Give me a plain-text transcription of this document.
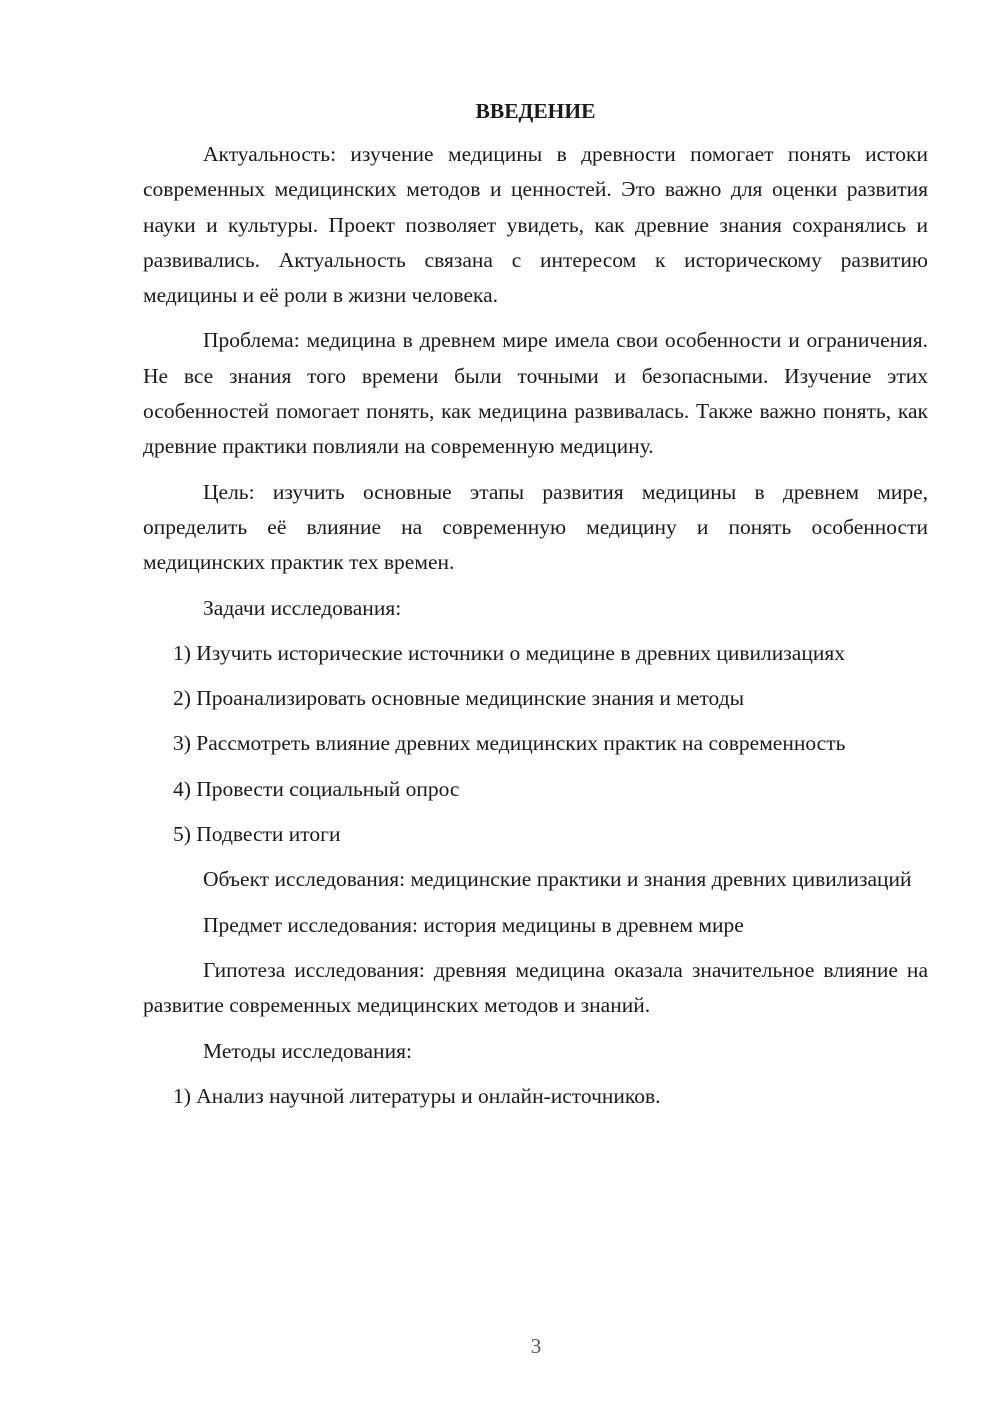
ВВЕДЕНИЕ

Актуальность: изучение медицины в древности помогает понять истоки современных медицинских методов и ценностей. Это важно для оценки развития науки и культуры. Проект позволяет увидеть, как древние знания сохранялись и развивались. Актуальность связана с интересом к историческому развитию медицины и её роли в жизни человека.

Проблема: медицина в древнем мире имела свои особенности и ограничения. Не все знания того времени были точными и безопасными. Изучение этих особенностей помогает понять, как медицина развивалась. Также важно понять, как древние практики повлияли на современную медицину.

Цель: изучить основные этапы развития медицины в древнем мире, определить её влияние на современную медицину и понять особенности медицинских практик тех времен.

Задачи исследования:

1) Изучить исторические источники о медицине в древних цивилизациях

2) Проанализировать основные медицинские знания и методы

3) Рассмотреть влияние древних медицинских практик на современность

4) Провести социальный опрос

5) Подвести итоги

Объект исследования: медицинские практики и знания древних цивилизаций

Предмет исследования: история медицины в древнем мире

Гипотеза исследования: древняя медицина оказала значительное влияние на развитие современных медицинских методов и знаний.

Методы исследования:

1) Анализ научной литературы и онлайн-источников.

3
